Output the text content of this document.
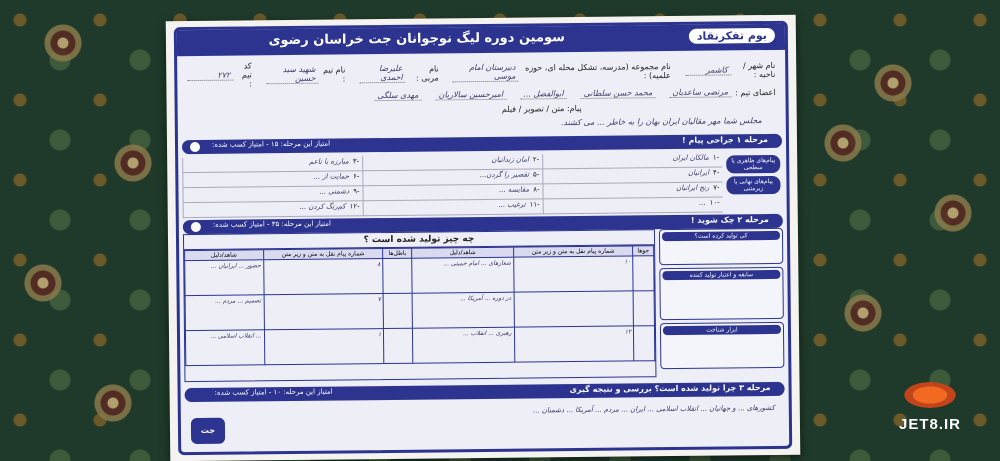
بوم تفکرنقاد
سومین دوره لیگ نوجوانان جت خراسان رضوی
نام شهر / ناحیه :
کاشمر
نام مجموعه (مدرسه، تشکل محله ای، حوزه علمیه) :
دبیرستان امام موسی
نام مربی :
علیرضا احمدی
نام تیم :
شهید سید حسین
کد تیم :
۲۷۲
اعضای تیم :
مرتضی ساعدیان
محمد حسن سلطانی
ابوالفضل ...
امیرحسین سالاریان
مهدی سلگی
پیام: متن / تصویر / فیلم
مجلس شما مهر مقالیان ایران بهان را به خاطر ... می کشند.
مرحله ۱ جراحی پیام !
امتیاز این مرحله: ۱۵ - امتیاز کسب شده:
پیام‌های ظاهری یا سطحی
پیام‌های نهانی یا زیرمتنی
-۱
مالکان ایران
-۲
امان زندانیان
-۳
مبارزه با ناعم
-۴
ایرانیان
-۵
تقصیر را گردن...
-۶
حمایت از ...
-۷
رنج ایرانیان
-۸
مقایسه ...
-۹
دشمنی ...
-۱۰
...
-۱۱
ترغیب ...
-۱۲
کم‌رنگ کردن ...
مرحله ۲ چک شوید !
امتیاز این مرحله: ۳۵ - امتیاز کسب شده:
کی تولید کرده است؟
سابقه و اعتبار تولید کننده
ابزار شناخت
چه چیز تولید شده است ؟
جوها	شماره پیام نقل به متن و زیر متن	شاهد/دلیل	باطل‌ها	شماره پیام نقل به متن و زیر متن	شاهد/دلیل
	۱۰	شعارهای ... امام خمینی ...		۸	حضور ... ایرانیان ...
		در دوره ... آمریکا ...		۷	تصمیم ... مردم ...
	۱۲	رهبری ... انقلاب ...		۱	... انقلاب اسلامی ...
مرحله ۳ چرا تولید شده است؟ بررسی و نتیجه گیری
امتیاز این مرحله: ۱۰ - امتیاز کسب شده:
کشورهای ... و جهانیان ... انقلاب اسلامی ... ایران ... مردم ... آمریکا ... دشمنان ...
جت	JET8.IR
